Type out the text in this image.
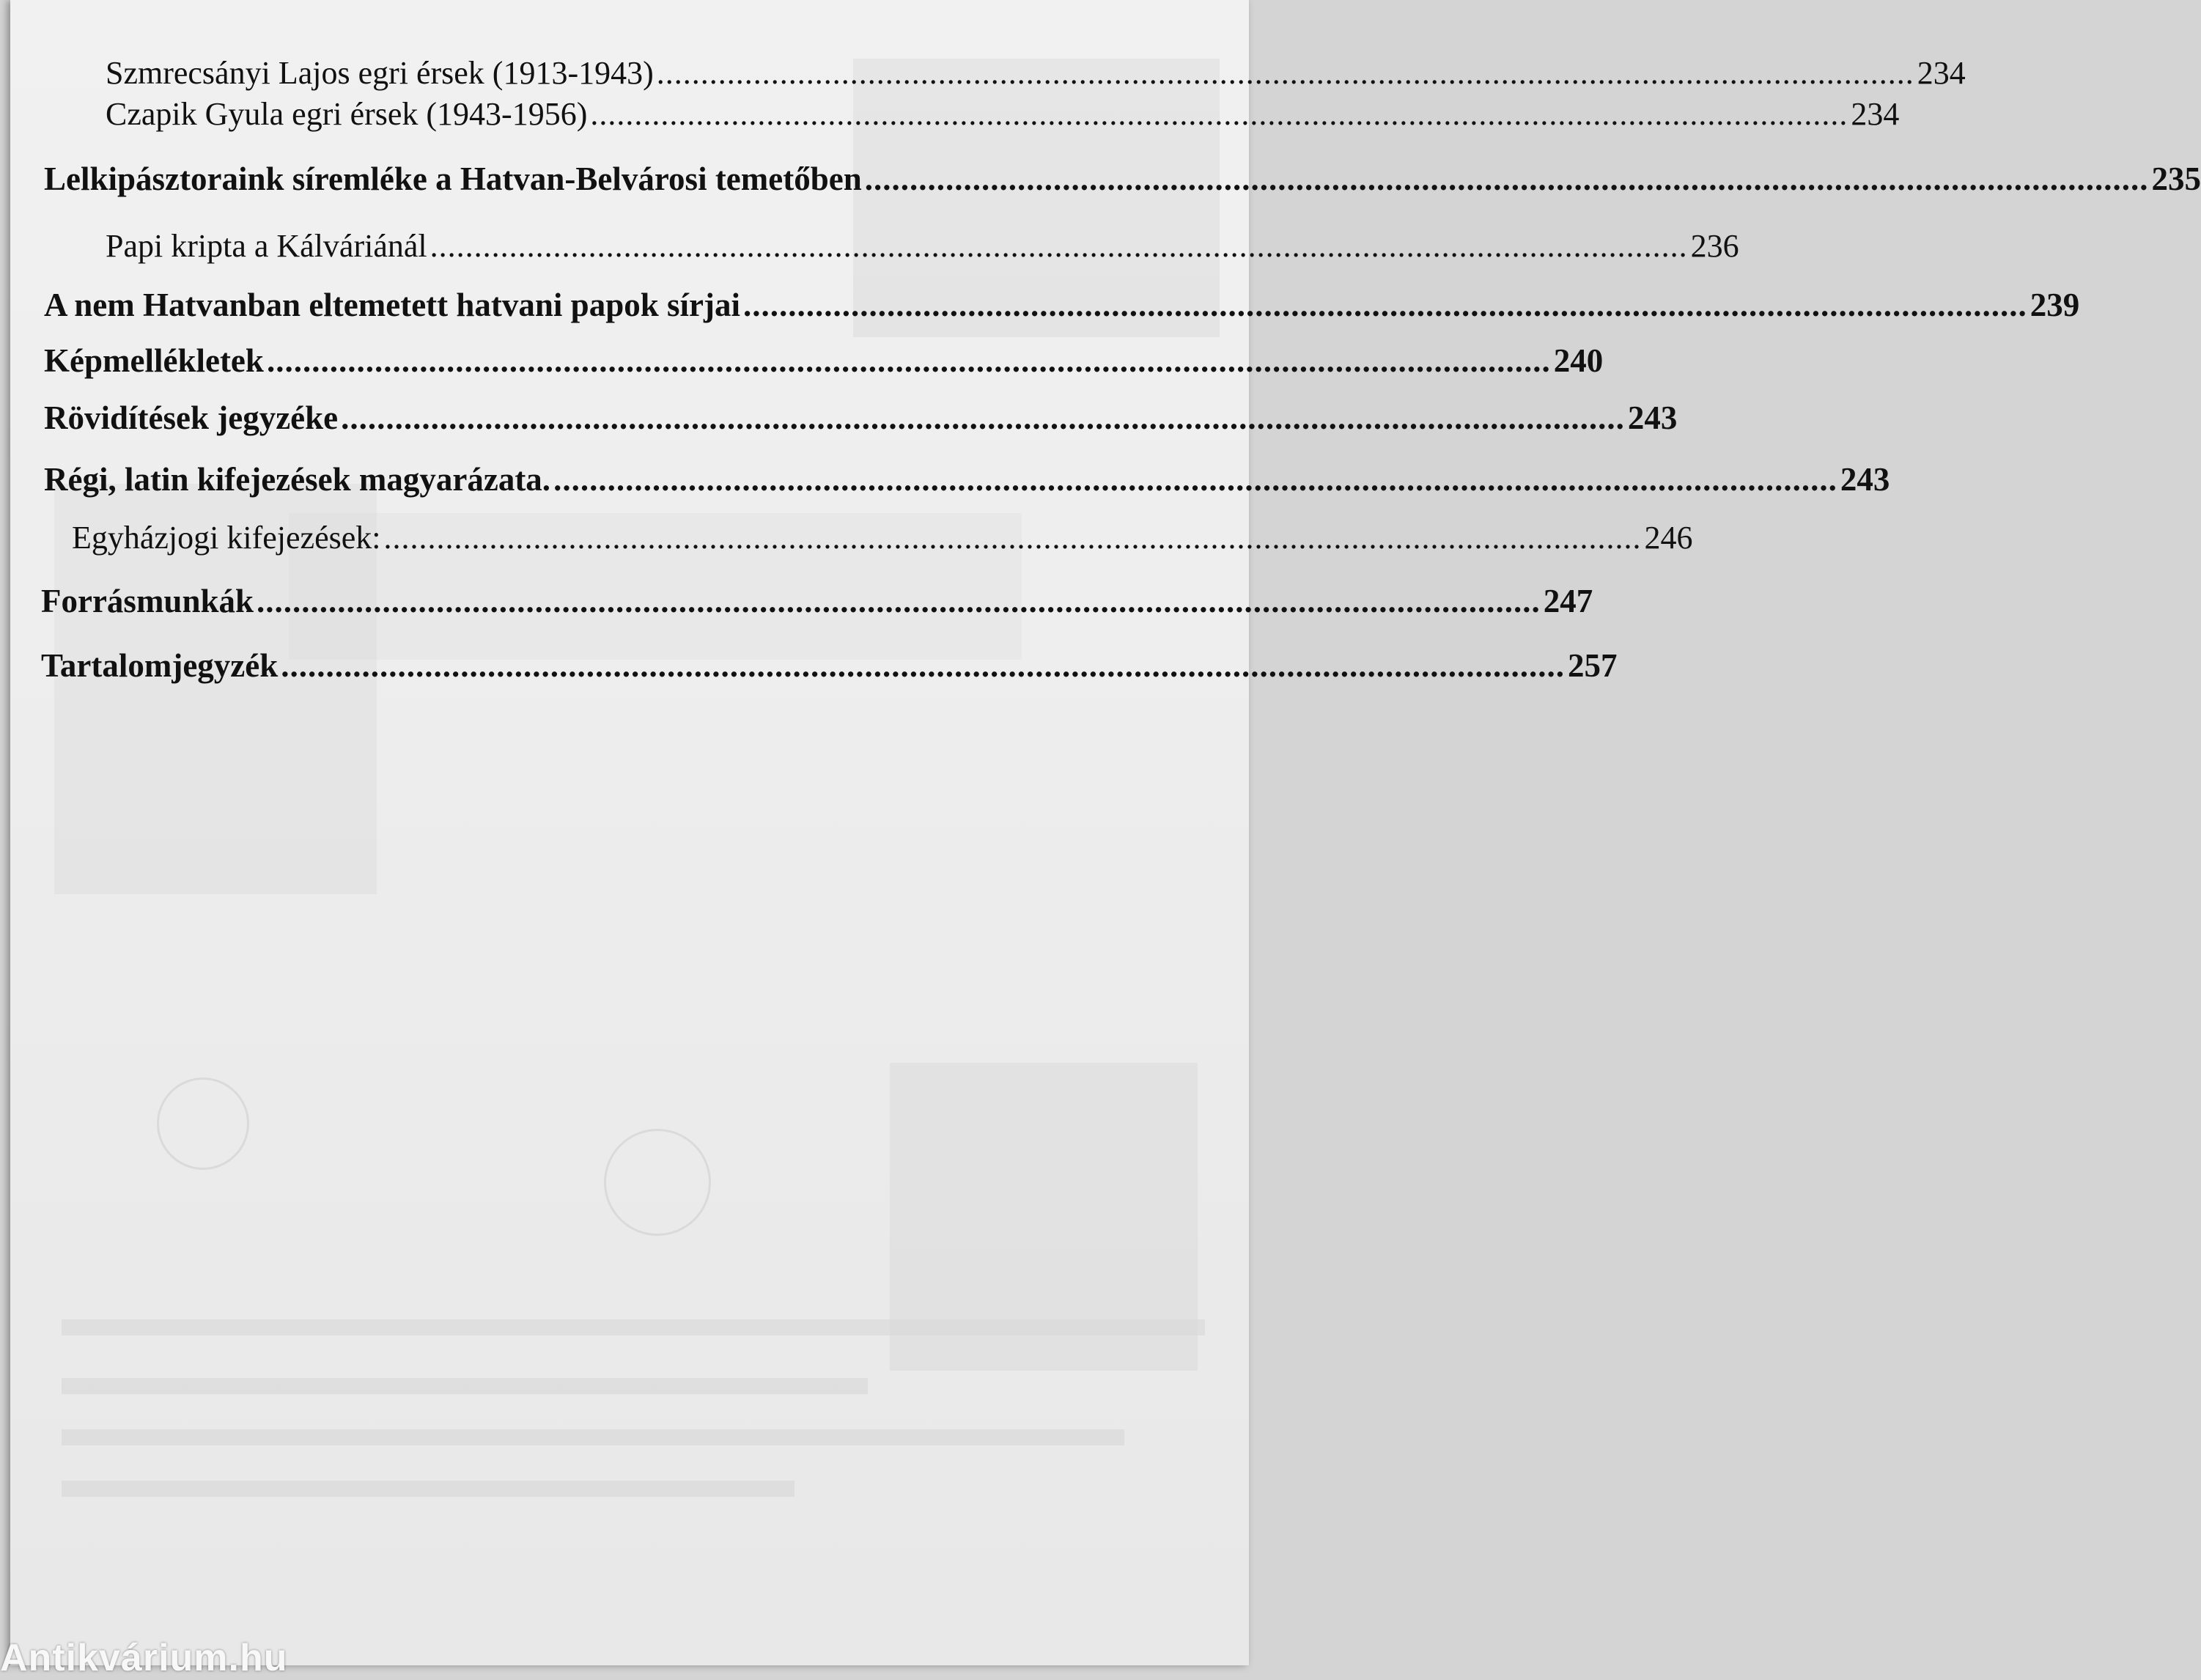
Szmrecsányi Lajos egri érsek (1913-1943) ............................................................................................................................................... 234
Czapik Gyula egri érsek (1943-1956) ............................................................................................................................................... 234
Lelkipásztoraink síremléke a Hatvan-Belvárosi temetőben ............................................................................................................................................... 235
Papi kripta a Kálváriánál ............................................................................................................................................... 236
A nem Hatvanban eltemetett hatvani papok sírjai ............................................................................................................................................... 239
Képmellékletek ............................................................................................................................................... 240
Rövidítések jegyzéke ............................................................................................................................................... 243
Régi, latin kifejezések magyarázata. ............................................................................................................................................... 243
Egyházjogi kifejezések: ............................................................................................................................................... 246
Forrásmunkák ............................................................................................................................................... 247
Tartalomjegyzék ............................................................................................................................................... 257
Antikvárium.hu
